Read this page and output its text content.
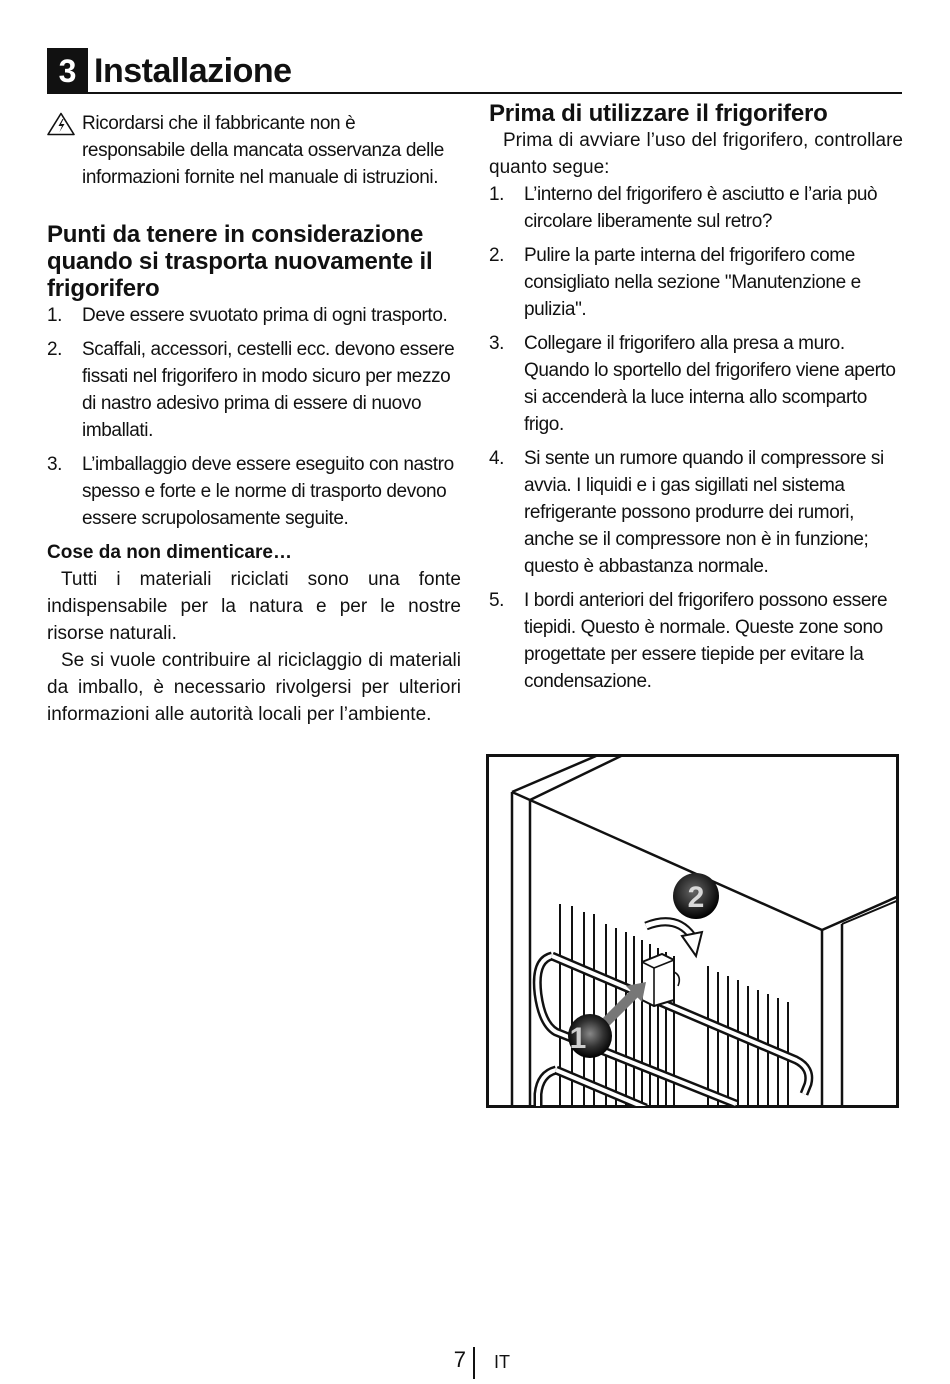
3 Installazione
Ricordarsi che il fabbricante non è responsabile della mancata osservanza delle informazioni fornite nel manuale di istruzioni.
Punti da tenere in considerazione quando si trasporta nuovamente il frigorifero
1. Deve essere svuotato prima di ogni trasporto.
2. Scaffali, accessori, cestelli ecc. devono essere fissati nel frigorifero in modo sicuro per mezzo di nastro adesivo prima di essere di nuovo imballati.
3. L’imballaggio deve essere eseguito con nastro spesso e forte e le norme di trasporto devono essere scrupolosamente seguite.
Cose da non dimenticare…

Tutti i materiali riciclati sono una fonte indispensabile per la natura e per le nostre risorse naturali.

Se si vuole contribuire al riciclaggio di materiali da imballo, è necessario rivolgersi per ulteriori informazioni alle autorità locali per l’ambiente.

Prima di utilizzare il frigorifero

Prima di avviare l’uso del frigorifero, controllare quanto segue:

1. L’interno del frigorifero è asciutto e l’aria può circolare liberamente sul retro?
2. Pulire la parte interna del frigorifero come consigliato nella sezione "Manutenzione e pulizia".
3. Collegare il frigorifero alla presa a muro. Quando lo sportello del frigorifero viene aperto si accenderà la luce interna allo scomparto frigo.
4. Si sente un rumore quando il compressore si avvia. I liquidi e i gas sigillati nel sistema refrigerante possono produrre dei rumori, anche se il compressore non è in funzione; questo è abbastanza normale.
5. I bordi anteriori del frigorifero possono essere tiepidi. Questo è normale. Queste zone sono progettate per essere tiepide per evitare la condensazione.
2
1
7 IT
